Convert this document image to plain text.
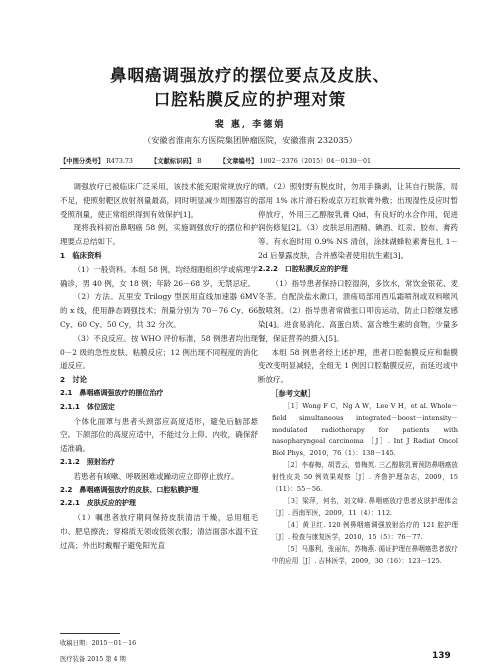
鼻咽癌调强放疗的摆位要点及皮肤、
口腔粘膜反应的护理对策
裴 惠, 李德娟
（安徽省淮南东方医院集团肿瘤医院，安徽淮南 232035）
【中图分类号】 R473.73	【文献标识码】 B	【文章编号】 1002－2376（2015）04－0139－01

调强放疗已被临床广泛采用，该技术能充眼常规放疗的不足，使照射靶区放射剂量最高，同时明显减少周围器官的受照剂量，使正常组织得到有效保护[1]。

现将我科初治鼻咽癌 58 例，实施调强放疗的摆位和护理要点总结如下。

1　临床资料

（1）一般资料。本组 58 例，均经细胞组织学或病理学确诊，男 40 例，女 18 例；年龄 26－68 岁，无禁忌症。

（2）方法。瓦里安 Trilogy 型医用直线加速器 6MV 的 x 线，使用静态调强技术；剂量分别为 70－76 Cy、66 Cy、60 Cy、50 Cy，共 32 分次。

（3）不良反应。按 WHO 评价标准，58 例患者均出现 0－2 级的急性皮肤、粘膜反应；12 例出现不同程度的消化道反应。

2　讨论

2.1　鼻咽癌调强放疗的摆位治疗

2.1.1　体位固定

个体化面罩与患者头颈部应高度适形，避免后脑部悬空。下颌部位的高度应适中，不能过分上仰、内收，确保舒适准确。

2.1.2　照射治疗

若患者有咳嗽、呼吸困难或躁动应立即停止放疗。

2.2　鼻咽癌调强放疗的皮肤、口腔粘膜护理

2.2.1　皮肤反应的护理

（1）嘱患者放疗期间保持皮肤清洁干燥，忌用粗毛巾、肥皂擦洗；穿棉质无领或低领衣服；清洁面部水温不宜过高；外出时戴帽子避免阳光直

晒。（2）照射野有脱皮时，勿用手撕剥，让其自行脱落，局部用 1% 冰片滑石粉或京万红软膏外敷；出现湿性反应时暂停放疗，外用三乙醇胺乳膏 Qid，有良好的水合作用，促进润伤修复[2]。（3）皮肤忌用酒精、碘酒、红汞、胶布、膏药等。有水泡时用 0.9% NS 清创，涂抹湖蜂粒素膏包扎 1－2d 后暴露皮肤，合并感染者使用抗生素[3]。

2.2.2　口腔粘膜反应的护理

（1）指导患者保持口腔湿润，多饮水，常饮金银花、麦冬茶。自配淡盐水漱口，溃疡局部用西瓜霜喷剂或双料喉风散喷剂。（2）指导患者常做张口叩齿运动，防止口腔继发感染[4]。进食易消化、高蛋白质、富含维生素的食物，少量多餐，保证营养的摄入[5]。

本组 58 例患者经上述护理，患者口腔黏膜反应和黏膜变改变明显减轻，全组无 1 例因口腔黏膜反应，而延迟或中断放疗。

［参考文献］

［1］Wong F C，Ng A W，Lee V H，et al. Whole－field simultaneous integrated－boost－intensity－modulated radiotherapy for patients with nasopharyngeal carcinoma ［J］. Int J Radiat Oncol Biol Phys，2010，76（1）：138－145.

［2］李春梅，胡晋云，曾梅英. 三乙醇胺乳膏预防鼻咽癌放射性皮炎 50 例效果观察［J］. 齐鲁护理杂志，2009，15（11）：55－56.

［3］梁萍，何名，刘文峰. 鼻咽癌放疗患者皮肤护理体会［J］. 西南军医，2009，11（4）：112.

［4］黄卫红. 120 例鼻咽癌调强放射治疗的 121 腔护理［J］. 检查与康复医学，2010，15（5）：76－77.

［5］马惠利，张丽东，苏梅燕. 循证护理在鼻咽癌患者放疗中的应用［J］. 吉林医学，2009，30（16）：123－125.

收稿日期：2015－01－16
医疗装备 2015 第 4 期	139
